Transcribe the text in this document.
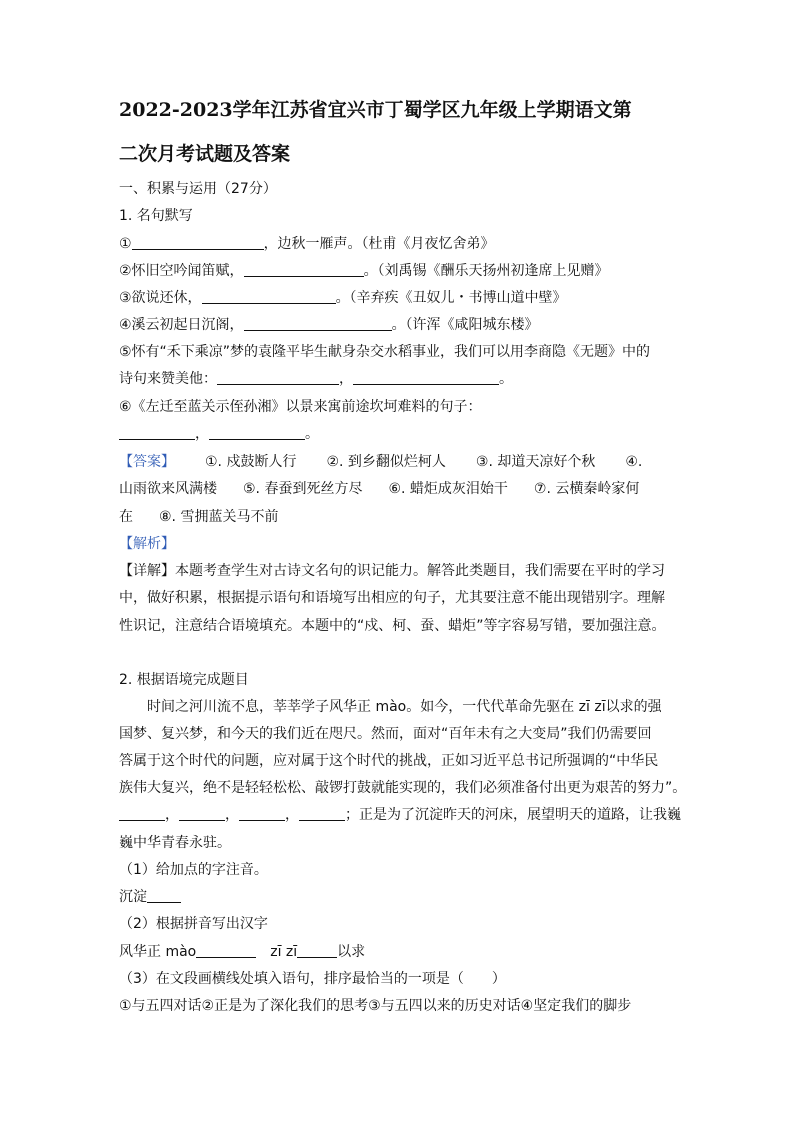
2022-2023学年江苏省宜兴市丁蜀学区九年级上学期语文第
二次月考试题及答案
一、积累与运用（27分）
1. 名句默写
①	，边秋一雁声。（杜甫《月夜忆舍弟》
②怀旧空吟闻笛赋，	。（刘禹锡《酬乐天扬州初逢席上见赠》
③欲说还休，	。（辛弃疾《丑奴儿・书博山道中壁》
④溪云初起日沉阁，	。（许浑《咸阳城东楼》
⑤怀有“禾下乘凉”梦的袁隆平毕生献身杂交水稻事业，我们可以用李商隐《无题》中的
诗句来赞美他：	，	。
⑥《左迁至蓝关示侄孙湘》以景来寓前途坎坷难料的句子：
，	。
【答案】 ①. 戍鼓断人行 ②. 到乡翻似烂柯人 ③. 却道天凉好个秋 ④.
山雨欲来风满楼 ⑤. 春蚕到死丝方尽 ⑥. 蜡炬成灰泪始干 ⑦. 云横秦岭家何
在 ⑧. 雪拥蓝关马不前
【解析】
【详解】本题考查学生对古诗文名句的识记能力。解答此类题目，我们需要在平时的学习
中，做好积累，根据提示语句和语境写出相应的句子，尤其要注意不能出现错别字。理解
性识记，注意结合语境填充。本题中的“戍、柯、蚕、蜡炬”等字容易写错，要加强注意。
2. 根据语境完成题目
时间之河川流不息，莘莘学子风华正 mào。如今，一代代革命先驱在 zī zī以求的强
国梦、复兴梦，和今天的我们近在咫尺。然而，面对“百年未有之大变局”我们仍需要回
答属于这个时代的问题，应对属于这个时代的挑战，正如习近平总书记所强调的“中华民
族伟大复兴，绝不是轻轻松松、敲锣打鼓就能实现的，我们必须准备付出更为艰苦的努力”。
，	，	，	；正是为了沉淀昨天的河床，展望明天的道路，让我巍
巍中华青春永驻。
（1）给加点的字注音。
沉淀
（2）根据拼音写出汉字
风华正 mào	zī zī	以求
（3）在文段画横线处填入语句，排序最恰当的一项是（　　）
①与五四对话②正是为了深化我们的思考③与五四以来的历史对话④坚定我们的脚步
